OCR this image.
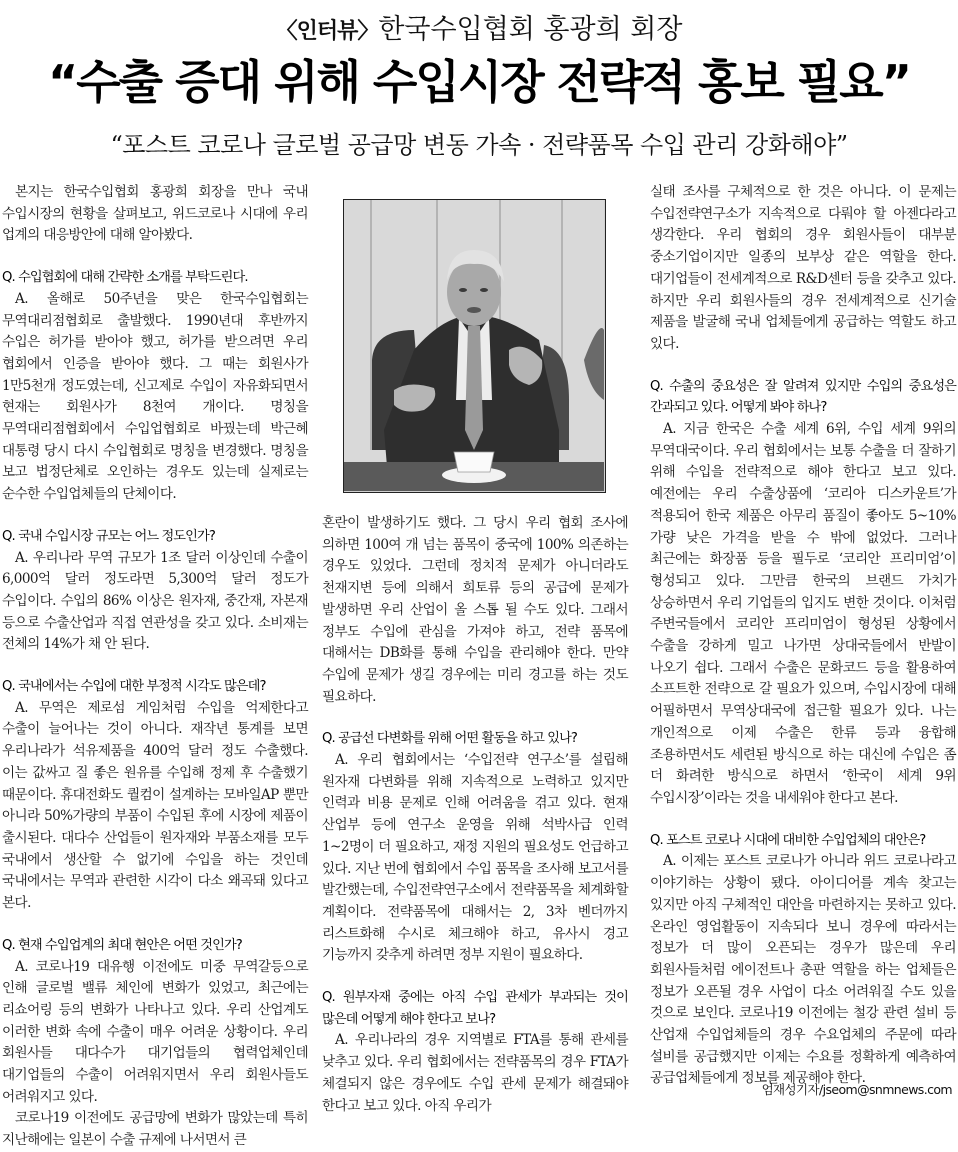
〈인터뷰〉한국수입협회 홍광희 회장
“수출 증대 위해 수입시장 전략적 홍보 필요”
“포스트 코로나 글로벌 공급망 변동 가속 · 전략품목 수입 관리 강화해야”

본지는 한국수입협회 홍광희 회장을 만나 국내 수입시장의 현황을 살펴보고, 위드코로나 시대에 우리 업계의 대응방안에 대해 알아봤다.

Q. 수입협회에 대해 간략한 소개를 부탁드린다.

A. 올해로 50주년을 맞은 한국수입협회는 무역대리점협회로 출발했다. 1990년대 후반까지 수입은 허가를 받아야 했고, 허가를 받으려면 우리 협회에서 인증을 받아야 했다. 그 때는 회원사가 1만5천개 정도였는데, 신고제로 수입이 자유화되면서 현재는 회원사가 8천여 개이다. 명칭을 무역대리점협회에서 수입업협회로 바꿨는데 박근혜 대통령 당시 다시 수입협회로 명칭을 변경했다. 명칭을 보고 법정단체로 오인하는 경우도 있는데 실제로는 순수한 수입업체들의 단체이다.

Q. 국내 수입시장 규모는 어느 정도인가?

A. 우리나라 무역 규모가 1조 달러 이상인데 수출이 6,000억 달러 정도라면 5,300억 달러 정도가 수입이다. 수입의 86% 이상은 원자재, 중간재, 자본재 등으로 수출산업과 직접 연관성을 갖고 있다. 소비재는 전체의 14%가 채 안 된다.

Q. 국내에서는 수입에 대한 부정적 시각도 많은데?

A. 무역은 제로섬 게임처럼 수입을 억제한다고 수출이 늘어나는 것이 아니다. 재작년 통계를 보면 우리나라가 석유제품을 400억 달러 정도 수출했다. 이는 값싸고 질 좋은 원유를 수입해 정제 후 수출했기 때문이다. 휴대전화도 퀄컴이 설계하는 모바일AP 뿐만 아니라 50%가량의 부품이 수입된 후에 시장에 제품이 출시된다. 대다수 산업들이 원자재와 부품소재를 모두 국내에서 생산할 수 없기에 수입을 하는 것인데 국내에서는 무역과 관련한 시각이 다소 왜곡돼 있다고 본다.

Q. 현재 수입업계의 최대 현안은 어떤 것인가?

A. 코로나19 대유행 이전에도 미중 무역갈등으로 인해 글로벌 밸류 체인에 변화가 있었고, 최근에는 리쇼어링 등의 변화가 나타나고 있다. 우리 산업계도 이러한 변화 속에 수출이 매우 어려운 상황이다. 우리 회원사들 대다수가 대기업들의 협력업체인데 대기업들의 수출이 어려워지면서 우리 회원사들도 어려워지고 있다.

코로나19 이전에도 공급망에 변화가 많았는데 특히 지난해에는 일본이 수출 규제에 나서면서 큰

혼란이 발생하기도 했다. 그 당시 우리 협회 조사에 의하면 100여 개 넘는 품목이 중국에 100% 의존하는 경우도 있었다. 그런데 정치적 문제가 아니더라도 천재지변 등에 의해서 희토류 등의 공급에 문제가 발생하면 우리 산업이 올 스톱 될 수도 있다. 그래서 정부도 수입에 관심을 가져야 하고, 전략 품목에 대해서는 DB화를 통해 수입을 관리해야 한다. 만약 수입에 문제가 생길 경우에는 미리 경고를 하는 것도 필요하다.

Q. 공급선 다변화를 위해 어떤 활동을 하고 있나?

A. 우리 협회에서는 ‘수입전략 연구소’를 설립해 원자재 다변화를 위해 지속적으로 노력하고 있지만 인력과 비용 문제로 인해 어려움을 겪고 있다. 현재 산업부 등에 연구소 운영을 위해 석박사급 인력 1~2명이 더 필요하고, 재정 지원의 필요성도 언급하고 있다. 지난 번에 협회에서 수입 품목을 조사해 보고서를 발간했는데, 수입전략연구소에서 전략품목을 체계화할 계획이다. 전략품목에 대해서는 2, 3차 벤더까지 리스트화해 수시로 체크해야 하고, 유사시 경고 기능까지 갖추게 하려면 정부 지원이 필요하다.

Q. 원부자재 중에는 아직 수입 관세가 부과되는 것이 많은데 어떻게 해야 한다고 보나?

A. 우리나라의 경우 지역별로 FTA를 통해 관세를 낮추고 있다. 우리 협회에서는 전략품목의 경우 FTA가 체결되지 않은 경우에도 수입 관세 문제가 해결돼야 한다고 보고 있다. 아직 우리가

실태 조사를 구체적으로 한 것은 아니다. 이 문제는 수입전략연구소가 지속적으로 다뤄야 할 아젠다라고 생각한다. 우리 협회의 경우 회원사들이 대부분 중소기업이지만 일종의 보부상 같은 역할을 한다. 대기업들이 전세계적으로 R&D센터 등을 갖추고 있다. 하지만 우리 회원사들의 경우 전세계적으로 신기술 제품을 발굴해 국내 업체들에게 공급하는 역할도 하고 있다.

Q. 수출의 중요성은 잘 알려져 있지만 수입의 중요성은 간과되고 있다. 어떻게 봐야 하나?

A. 지금 한국은 수출 세계 6위, 수입 세계 9위의 무역대국이다. 우리 협회에서는 보통 수출을 더 잘하기 위해 수입을 전략적으로 해야 한다고 보고 있다. 예전에는 우리 수출상품에 ‘코리아 디스카운트’가 적용되어 한국 제품은 아무리 품질이 좋아도 5~10%가량 낮은 가격을 받을 수 밖에 없었다. 그러나 최근에는 화장품 등을 필두로 ‘코리안 프리미엄’이 형성되고 있다. 그만큼 한국의 브랜드 가치가 상승하면서 우리 기업들의 입지도 변한 것이다. 이처럼 주변국들에서 코리안 프리미엄이 형성된 상황에서 수출을 강하게 밀고 나가면 상대국들에서 반발이 나오기 쉽다. 그래서 수출은 문화코드 등을 활용하여 소프트한 전략으로 갈 필요가 있으며, 수입시장에 대해 어필하면서 무역상대국에 접근할 필요가 있다. 나는 개인적으로 이제 수출은 한류 등과 융합해 조용하면서도 세련된 방식으로 하는 대신에 수입은 좀 더 화려한 방식으로 하면서 ‘한국이 세계 9위 수입시장’이라는 것을 내세워야 한다고 본다.

Q. 포스트 코로나 시대에 대비한 수입업체의 대안은?

A. 이제는 포스트 코로나가 아니라 위드 코로나라고 이야기하는 상황이 됐다. 아이디어를 계속 찾고는 있지만 아직 구체적인 대안을 마련하지는 못하고 있다. 온라인 영업활동이 지속되다 보니 경우에 따라서는 정보가 더 많이 오픈되는 경우가 많은데 우리 회원사들처럼 에이전트나 총판 역할을 하는 업체들은 정보가 오픈될 경우 사업이 다소 어려워질 수도 있을 것으로 보인다. 코로나19 이전에는 철강 관련 설비 등 산업재 수입업체들의 경우 수요업체의 주문에 따라 설비를 공급했지만 이제는 수요를 정확하게 예측하여 공급업체들에게 정보를 제공해야 한다.

엄재성기자/jseom@snmnews.com
